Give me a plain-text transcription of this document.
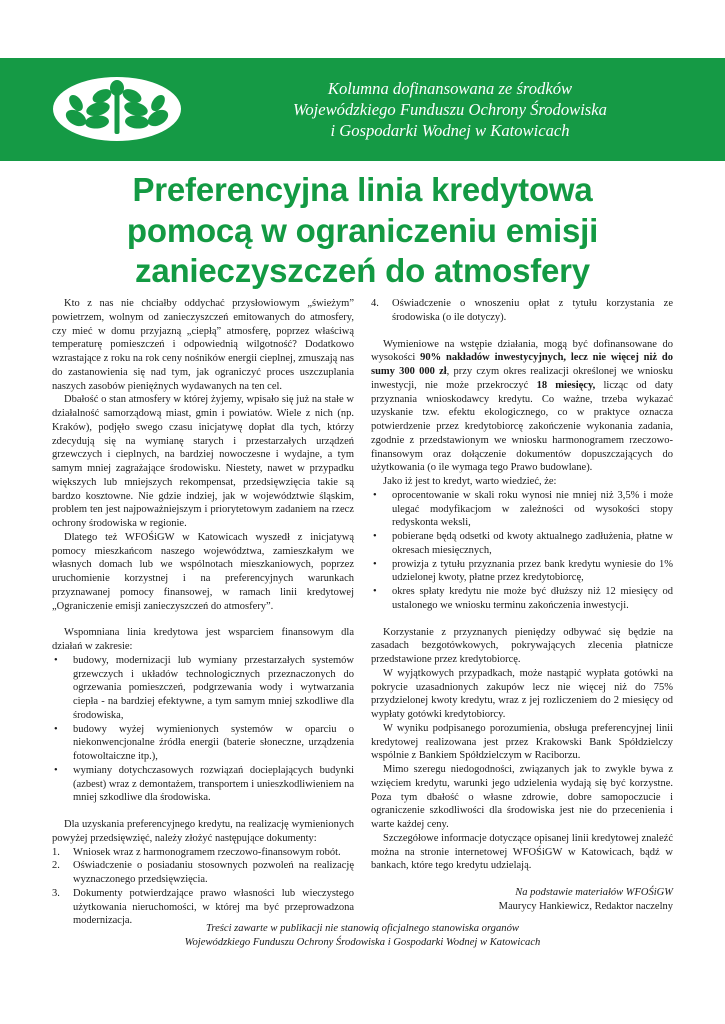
Kolumna dofinansowana ze środków
Wojewódzkiego Funduszu Ochrony Środowiska
i Gospodarki Wodnej w Katowicach
Preferencyjna linia kredytowa
pomocą w ograniczeniu emisji
zanieczyszczeń do atmosfery

Kto z nas nie chciałby oddychać przysłowiowym „świeżym” powietrzem, wolnym od zanieczyszczeń emitowanych do atmosfery, czy mieć w domu przyjazną „ciepłą” atmosferę, poprzez właściwą temperaturę pomieszczeń i odpowiednią wilgotność? Dodatkowo wzrastające z roku na rok ceny nośników energii cieplnej, zmuszają nas do zastanowienia się nad tym, jak ograniczyć proces uszczuplania naszych zasobów pieniężnych wydawanych na ten cel.

Dbałość o stan atmosfery w której żyjemy, wpisało się już na stałe w działalność samorządową miast, gmin i powiatów. Wiele z nich (np. Kraków), podjęło swego czasu inicjatywę dopłat dla tych, którzy zdecydują się na wymianę starych i przestarzałych urządzeń grzewczych i cieplnych, na bardziej nowoczesne i wydajne, a tym samym mniej zagrażające środowisku. Niestety, nawet w przypadku większych lub mniejszych rekompensat, przedsięwzięcia takie są bardzo kosztowne. Nie gdzie indziej, jak w województwie śląskim, problem ten jest najpoważniejszym i priorytetowym zadaniem na rzecz ochrony środowiska w regionie.

Dlatego też WFOŚiGW w Katowicach wyszedł z inicjatywą pomocy mieszkańcom naszego województwa, zamieszkałym we własnych domach lub we wspólnotach mieszkaniowych, poprzez uruchomienie korzystnej i na preferencyjnych warunkach przyznawanej pomocy finansowej, w ramach linii kredytowej „Ograniczenie emisji zanieczyszczeń do atmosfery”.

Wspomniana linia kredytowa jest wsparciem finansowym dla działań w zakresie:

• budowy, modernizacji lub wymiany przestarzałych systemów grzewczych i układów technologicznych przeznaczonych do ogrzewania pomieszczeń, podgrzewania wody i wytwarzania ciepła - na bardziej efektywne, a tym samym mniej szkodliwe dla środowiska,
• budowy wyżej wymienionych systemów w oparciu o niekonwencjonalne źródła energii (baterie słoneczne, urządzenia fotowoltaiczne itp.),
• wymiany dotychczasowych rozwiązań docieplających budynki (azbest) wraz z demontażem, transportem i unieszkodliwieniem na mniej szkodliwe dla środowiska.

Dla uzyskania preferencyjnego kredytu, na realizację wymienionych powyżej przedsięwzięć, należy złożyć następujące dokumenty:

1. Wniosek wraz z harmonogramem rzeczowo-finansowym robót.
2. Oświadczenie o posiadaniu stosownych pozwoleń na realizację wyznaczonego przedsięwzięcia.
3. Dokumenty potwierdzające prawo własności lub wieczystego użytkowania nieruchomości, w której ma być przeprowadzona modernizacja.
4. Oświadczenie o wnoszeniu opłat z tytułu korzystania ze środowiska (o ile dotyczy).

Wymieniowe na wstępie działania, mogą być dofinansowane do wysokości 90% nakładów inwestycyjnych, lecz nie więcej niż do sumy 300 000 zł, przy czym okres realizacji określonej we wniosku inwestycji, nie może przekroczyć 18 miesięcy, licząc od daty przyznania wnioskodawcy kredytu. Co ważne, trzeba wykazać uzyskanie tzw. efektu ekologicznego, co w praktyce oznacza potwierdzenie przez kredytobiorcę zakończenie wykonania zadania, zgodnie z przedstawionym we wniosku harmonogramem rzeczowo-finansowym oraz dołączenie dokumentów dopuszczających do użytkowania (o ile wymaga tego Prawo budowlane).

Jako iż jest to kredyt, warto wiedzieć, że:

• oprocentowanie w skali roku wynosi nie mniej niż 3,5% i może ulegać modyfikacjom w zależności od wysokości stopy redyskonta weksli,
• pobierane będą odsetki od kwoty aktualnego zadłużenia, płatne w okresach miesięcznych,
• prowizja z tytułu przyznania przez bank kredytu wyniesie do 1% udzielonej kwoty, płatne przez kredytobiorcę,
• okres spłaty kredytu nie może być dłuższy niż 12 miesięcy od ustalonego we wniosku terminu zakończenia inwestycji.

Korzystanie z przyznanych pieniędzy odbywać się będzie na zasadach bezgotówkowych, pokrywających zlecenia płatnicze przedstawione przez kredytobiorcę.

W wyjątkowych przypadkach, może nastąpić wypłata gotówki na pokrycie uzasadnionych zakupów lecz nie więcej niż do 75% przydzielonej kwoty kredytu, wraz z jej rozliczeniem do 2 miesięcy od wypłaty gotówki kredytobiorcy.

W wyniku podpisanego porozumienia, obsługa preferencyjnej linii kredytowej realizowana jest przez Krakowski Bank Spółdzielczy wspólnie z Bankiem Spółdzielczym w Raciborzu.

Mimo szeregu niedogodności, związanych jak to zwykle bywa z wzięciem kredytu, warunki jego udzielenia wydają się być korzystne. Poza tym dbałość o własne zdrowie, dobre samopoczucie i ograniczenie szkodliwości dla środowiska jest nie do przecenienia i warte każdej ceny.

Szczegółowe informacje dotyczące opisanej linii kredytowej znaleźć można na stronie internetowej WFOŚiGW w Katowicach, bądź w bankach, które tego kredytu udzielają.

Na podstawie materiałów WFOŚiGW
Maurycy Hankiewicz, Redaktor naczelny
Treści zawarte w publikacji nie stanowią oficjalnego stanowiska organów
Wojewódzkiego Funduszu Ochrony Środowiska i Gospodarki Wodnej w Katowicach
